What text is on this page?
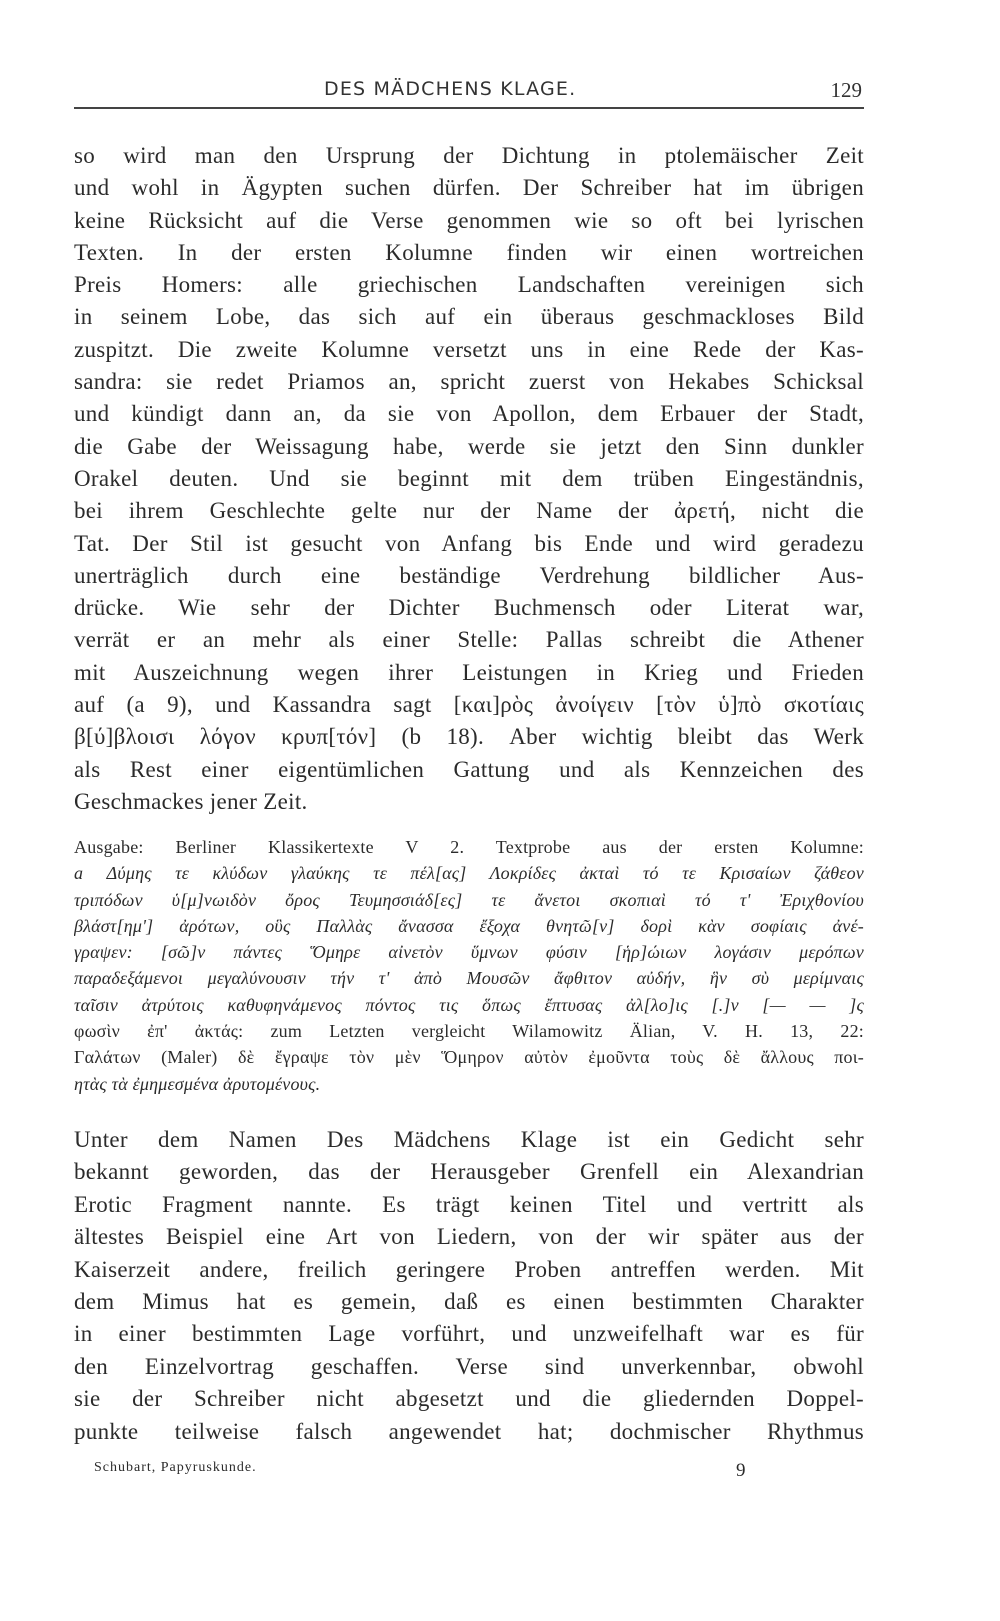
DES MÄDCHENS KLAGE.	129
so wird man den Ursprung der Dichtung in ptolemäischer Zeit
und wohl in Ägypten suchen dürfen. Der Schreiber hat im übrigen
keine Rücksicht auf die Verse genommen wie so oft bei lyrischen
Texten. In der ersten Kolumne finden wir einen wortreichen
Preis Homers: alle griechischen Landschaften vereinigen sich
in seinem Lobe, das sich auf ein überaus geschmackloses Bild
zuspitzt. Die zweite Kolumne versetzt uns in eine Rede der Kas-
sandra: sie redet Priamos an, spricht zuerst von Hekabes Schicksal
und kündigt dann an, da sie von Apollon, dem Erbauer der Stadt,
die Gabe der Weissagung habe, werde sie jetzt den Sinn dunkler
Orakel deuten. Und sie beginnt mit dem trüben Eingeständnis,
bei ihrem Geschlechte gelte nur der Name der ἀρετή, nicht die
Tat. Der Stil ist gesucht von Anfang bis Ende und wird geradezu
unerträglich durch eine beständige Verdrehung bildlicher Aus-
drücke. Wie sehr der Dichter Buchmensch oder Literat war,
verrät er an mehr als einer Stelle: Pallas schreibt die Athener
mit Auszeichnung wegen ihrer Leistungen in Krieg und Frieden
auf (a 9), und Kassandra sagt [και]ρὸς ἀνοίγειν [τὸν ὑ]πὸ σκοτίαις
β[ύ]βλοισι λόγον κρυπ[τόν] (b 18). Aber wichtig bleibt das Werk
als Rest einer eigentümlichen Gattung und als Kennzeichen des
Geschmackes jener Zeit.
Ausgabe: Berliner Klassikertexte V 2. Textprobe aus der ersten Kolumne:
a Δύμης τε κλύδων γλαύκης τε πέλ[ας] Λοκρίδες ἀκταὶ τό τε Κρισαίων ζάθεον
τριπόδων ὑ[μ]νωιδὸν ὄρος Τευμησσιάδ[ες] τε ἄνετοι σκοπιαὶ τό τ' Ἐριχθονίου
βλάστ[ημ'] ἀρότων, οὓς Παλλὰς ἄνασσα ἔξοχα θνητῶ[ν] δορὶ κὰν σοφίαις ἀνέ-
γραψεν: [σῶ]ν πάντες Ὅμηρε αἰνετὸν ὕμνων φύσιν [ἡρ]ώιων λογάσιν μερόπων
παραδεξάμενοι μεγαλύνουσιν τήν τ' ἀπὸ Μουσῶν ἄφθιτον αὐδήν, ἣν σὺ μερίμναις
ταῖσιν ἀτρύτοις καθυφηνάμενος πόντος τις ὅπως ἔπτυσας ἀλ[λο]ις [.]ν [— — ]ς
φωσὶν ἐπ' ἀκτάς: zum Letzten vergleicht Wilamowitz Älian, V. H. 13, 22:
Γαλάτων (Maler) δὲ ἔγραψε τὸν μὲν Ὅμηρον αὐτὸν ἐμοῦντα τοὺς δὲ ἄλλους ποι-
ητὰς τὰ ἐμημεσμένα ἀρυτομένους.
Unter dem Namen Des Mädchens Klage ist ein Gedicht sehr
bekannt geworden, das der Herausgeber Grenfell ein Alexandrian
Erotic Fragment nannte. Es trägt keinen Titel und vertritt als
ältestes Beispiel eine Art von Liedern, von der wir später aus der
Kaiserzeit andere, freilich geringere Proben antreffen werden. Mit
dem Mimus hat es gemein, daß es einen bestimmten Charakter
in einer bestimmten Lage vorführt, und unzweifelhaft war es für
den Einzelvortrag geschaffen. Verse sind unverkennbar, obwohl
sie der Schreiber nicht abgesetzt und die gliedernden Doppel-
punkte teilweise falsch angewendet hat; dochmischer Rhythmus
Schubart, Papyruskunde.	9
